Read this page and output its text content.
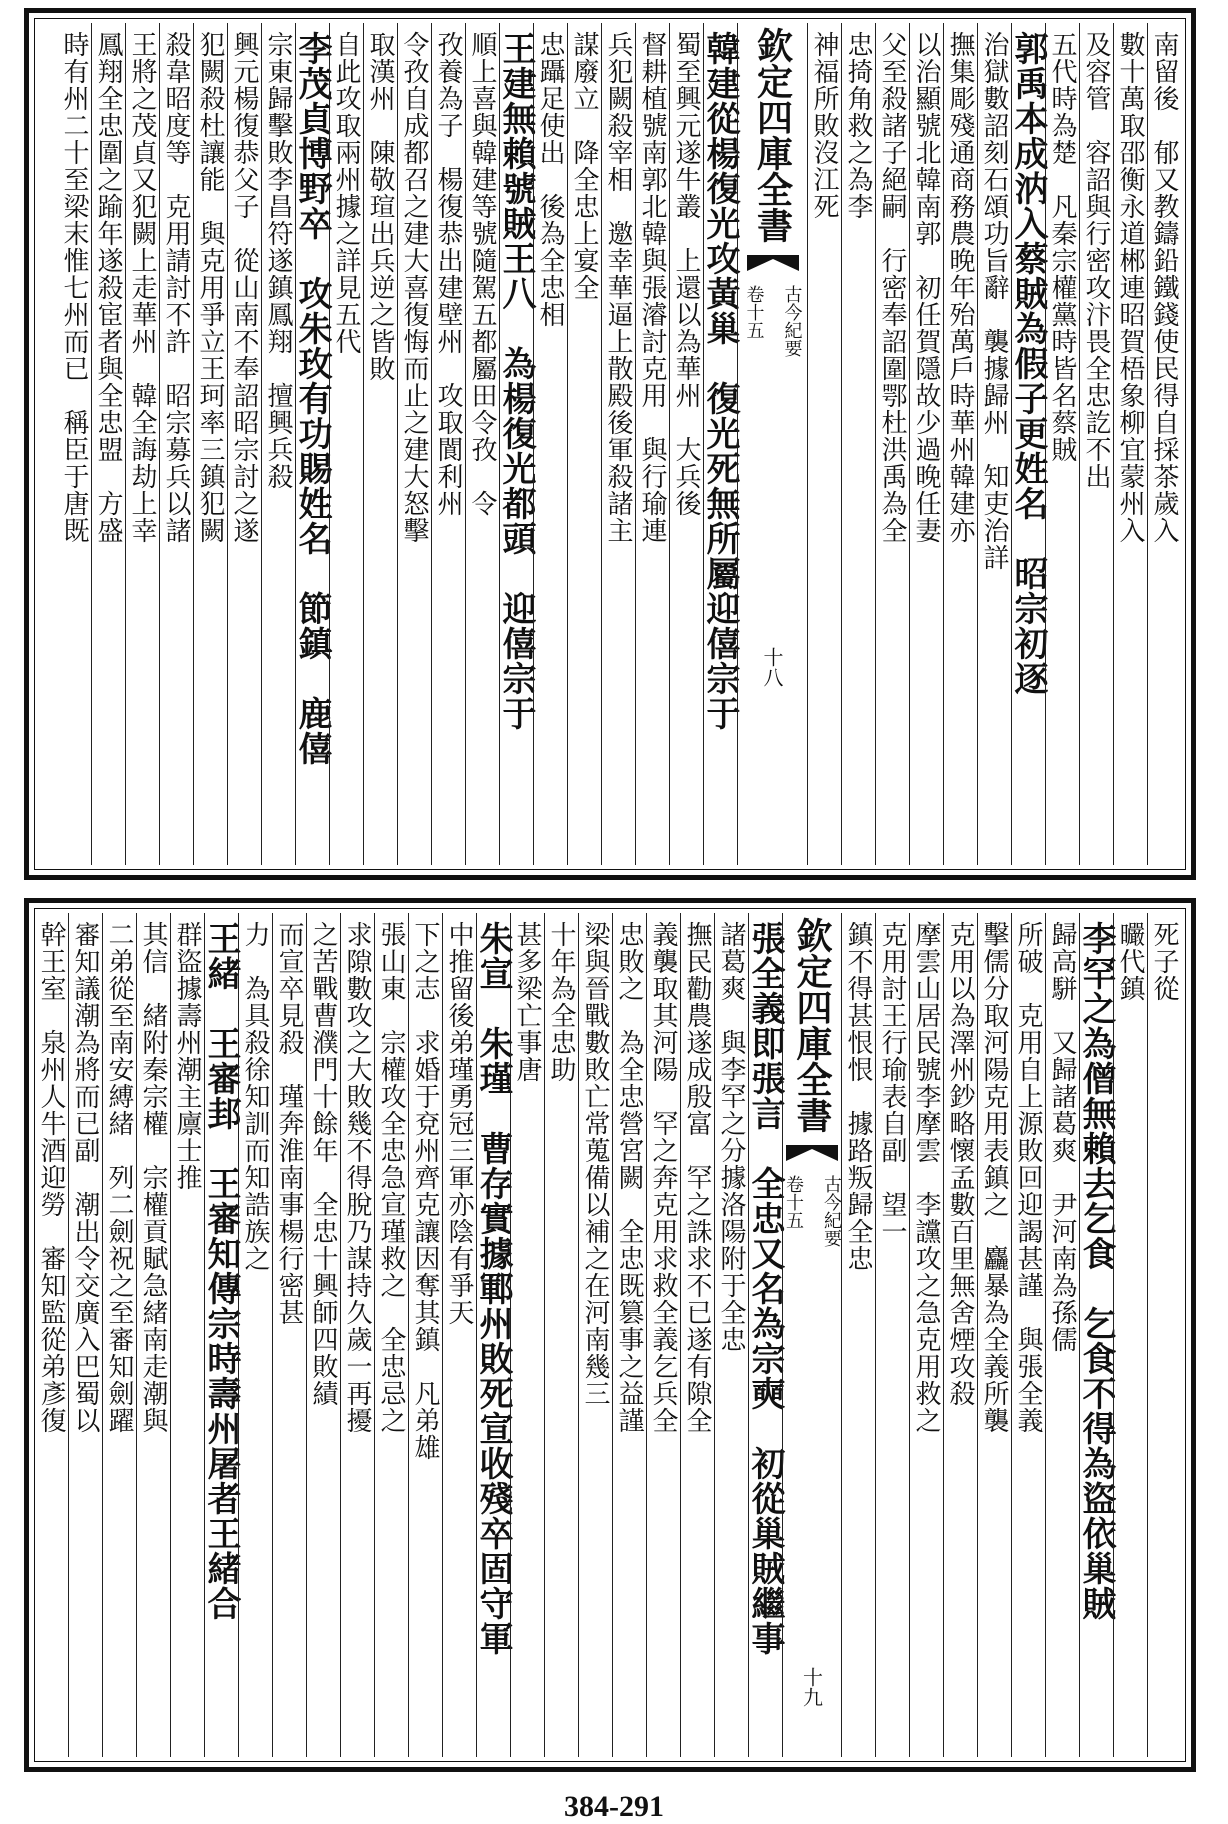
南留後　郁又教鑄鉛鐵錢使民得自採茶歲入
數十萬取邵衡永道郴連昭賀梧象柳宜蒙州入
及容管　容詔與行密攻汴畏全忠訖不出
五代時為楚　凡秦宗權黨時皆名蔡賊
郭禹本成汭入蔡賊為假子更姓名　昭宗初逐
治獄數詔刻石頌功旨辭　襲據歸州　知吏治詳
撫集彫殘通商務農晚年殆萬戶時華州韓建亦
以治顯號北韓南郭　初任賀隱故少過晚任妻
父至殺諸子絕嗣　行密奉詔圍鄂杜洪禹為全
忠掎角救之為李
神福所敗沒江死
欽定四庫全書
古今紀要
卷十五
十八
韓建從楊復光攻黃巢　復光死無所屬迎僖宗于
蜀至興元遂牛叢　上還以為華州　大兵後
督耕植號南郭北韓與張濬討克用　與行瑜連
兵犯闕殺宰相　邀幸華逼上散殿後軍殺諸主
謀廢立　降全忠上宴全
忠躡足使出　後為全忠相
王建無賴號賊王八　為楊復光都頭　迎僖宗于
順上喜與韓建等號隨駕五都屬田令孜　令
孜養為子　楊復恭出建壁州　攻取閬利州
令孜自成都召之建大喜復悔而止之建大怒擊
取漢州　陳敬瑄出兵逆之皆敗
自此攻取兩州據之詳見五代
李茂貞博野卒　攻朱玫有功賜姓名　節鎮　鹿僖
宗東歸擊敗李昌符遂鎮鳳翔　擅興兵殺
興元楊復恭父子　從山南不奉詔昭宗討之遂
犯闕殺杜讓能　與克用爭立王珂率三鎮犯闕
殺韋昭度等　克用請討不許　昭宗募兵以諸
王將之茂貞又犯闕上走華州　韓全誨劫上幸
鳳翔全忠圍之踰年遂殺宦者與全忠盟　方盛
時有州二十至梁末惟七州而已　稱臣于唐既
死子從
曮代鎮
李罕之為僧無賴去乞食　乞食不得為盜依巢賊
歸高駢　又歸諸葛爽　尹河南為孫儒
所破　克用自上源敗回迎謁甚謹　與張全義
擊儒分取河陽克用表鎮之　麤暴為全義所襲
克用以為澤州鈔略懷孟數百里無舍煙攻殺
摩雲山居民號李摩雲　李讜攻之急克用救之
克用討王行瑜表自副　望一
鎮不得甚恨恨　據路叛歸全忠
欽定四庫全書
古今紀要
卷十五
十九
張全義即張言　全忠又名為宗奭　初從巢賊繼事
諸葛爽　與李罕之分據洛陽附于全忠
撫民勸農遂成殷富　罕之誅求不已遂有隙全
義襲取其河陽　罕之奔克用求救全義乞兵全
忠敗之　為全忠營宮闕　全忠既篡事之益謹
梁與晉戰數敗亡常蒐備以補之在河南幾三
十年為全忠助
甚多梁亡事唐
朱宣　朱瑾　曹存實據鄆州敗死宣收殘卒固守軍
中推留後弟瑾勇冠三軍亦陰有爭天
下之志　求婚于兗州齊克讓因奪其鎮　凡弟雄
張山東　宗權攻全忠急宣瑾救之　全忠忌之
求隙數攻之大敗幾不得脫乃謀持久歲一再擾
之苦戰曹濮門十餘年　全忠十興師四敗績
而宣卒見殺　瑾奔淮南事楊行密甚
力　為具殺徐知訓而知誥族之
王緒　王審邽　王審知傳宗時壽州屠者王緒合
群盜據壽州潮主廪士推
其信　緒附秦宗權　宗權貢賦急緒南走潮與
二弟從至南安縛緒　列二劍祝之至審知劍躍
審知議潮為將而已副　潮出令交廣入巴蜀以
幹王室　泉州人牛酒迎勞　審知監從弟彥復
384-291
